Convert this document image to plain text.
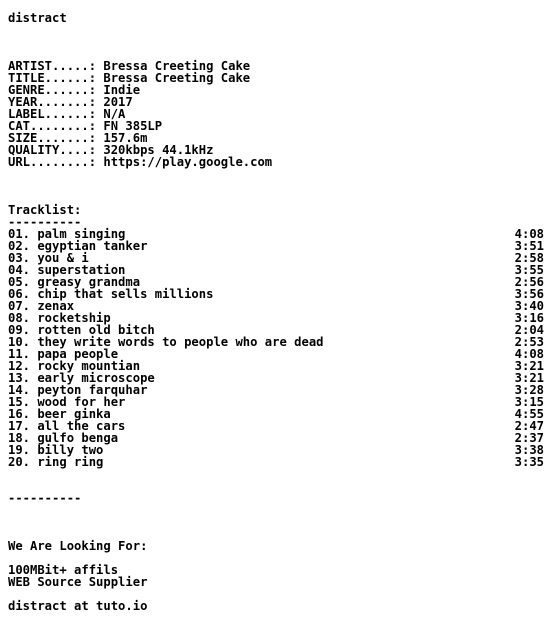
distract
ARTIST.....: Bressa Creeting Cake
TITLE......: Bressa Creeting Cake
GENRE......: Indie
YEAR.......: 2017
LABEL......: N/A
CAT........: FN 385LP
SIZE.......: 157.6m
QUALITY....: 320kbps 44.1kHz
URL........: https://play.google.com
Tracklist:
----------
01. palm singing	4:08
02. egyptian tanker	3:51
03. you & i	2:58
04. superstation	3:55
05. greasy grandma	2:56
06. chip that sells millions	3:56
07. zenax	3:40
08. rocketship	3:16
09. rotten old bitch	2:04
10. they write words to people who are dead	2:53
11. papa people	4:08
12. rocky mountian	3:21
13. early microscope	3:21
14. peyton farquhar	3:28
15. wood for her	3:15
16. beer ginka	4:55
17. all the cars	2:47
18. gulfo benga	2:37
19. billy two	3:38
20. ring ring	3:35
----------
We Are Looking For:
100MBit+ affils
WEB Source Supplier
distract at tuto.io
